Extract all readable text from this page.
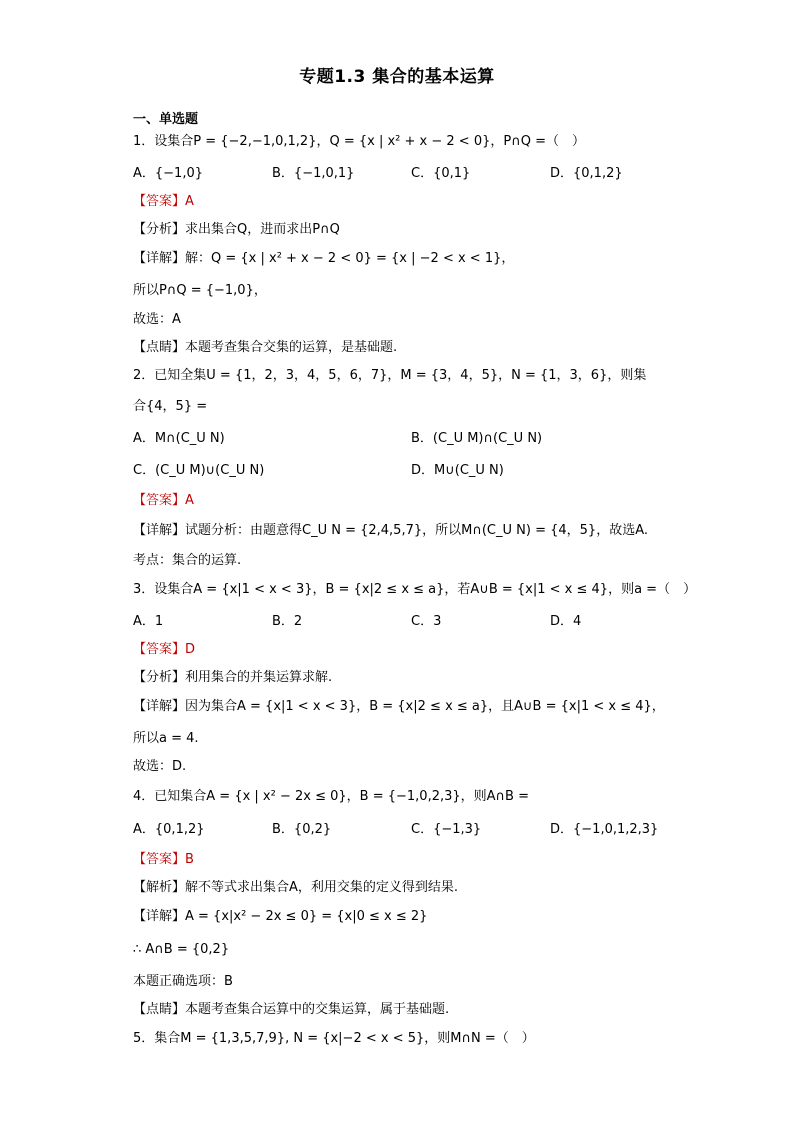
专题1.3 集合的基本运算
一、单选题
1．设集合P = {−2,−1,0,1,2}，Q = {x | x² + x − 2 < 0}，P∩Q =（　）
A．{−1,0}	B．{−1,0,1}	C．{0,1}	D．{0,1,2}
【答案】A
【分析】求出集合Q，进而求出P∩Q
【详解】解：Q = {x | x² + x − 2 < 0} = {x | −2 < x < 1}，
所以P∩Q = {−1,0}，
故选：A
【点睛】本题考查集合交集的运算，是基础题.
2．已知全集U = {1，2，3，4，5，6，7}，M = {3，4，5}，N = {1，3，6}，则集
合{4，5} =
A．M∩(C_U N)	B．(C_U M)∩(C_U N)
C．(C_U M)∪(C_U N)	D．M∪(C_U N)
【答案】A
【详解】试题分析：由题意得C_U N = {2,4,5,7}，所以M∩(C_U N) = {4，5}，故选A.
考点：集合的运算.
3．设集合A = {x|1 < x < 3}，B = {x|2 ≤ x ≤ a}，若A∪B = {x|1 < x ≤ 4}，则a =（　）
A．1	B．2	C．3	D．4
【答案】D
【分析】利用集合的并集运算求解.
【详解】因为集合A = {x|1 < x < 3}，B = {x|2 ≤ x ≤ a}，且A∪B = {x|1 < x ≤ 4}，
所以a = 4.
故选：D.
4．已知集合A = {x | x² − 2x ≤ 0}，B = {−1,0,2,3}，则A∩B =
A．{0,1,2}	B．{0,2}	C．{−1,3}	D．{−1,0,1,2,3}
【答案】B
【解析】解不等式求出集合A，利用交集的定义得到结果.
【详解】A = {x|x² − 2x ≤ 0} = {x|0 ≤ x ≤ 2}
∴ A∩B = {0,2}
本题正确选项：B
【点睛】本题考查集合运算中的交集运算，属于基础题.
5．集合M = {1,3,5,7,9}, N = {x|−2 < x < 5}，则M∩N =（　）
